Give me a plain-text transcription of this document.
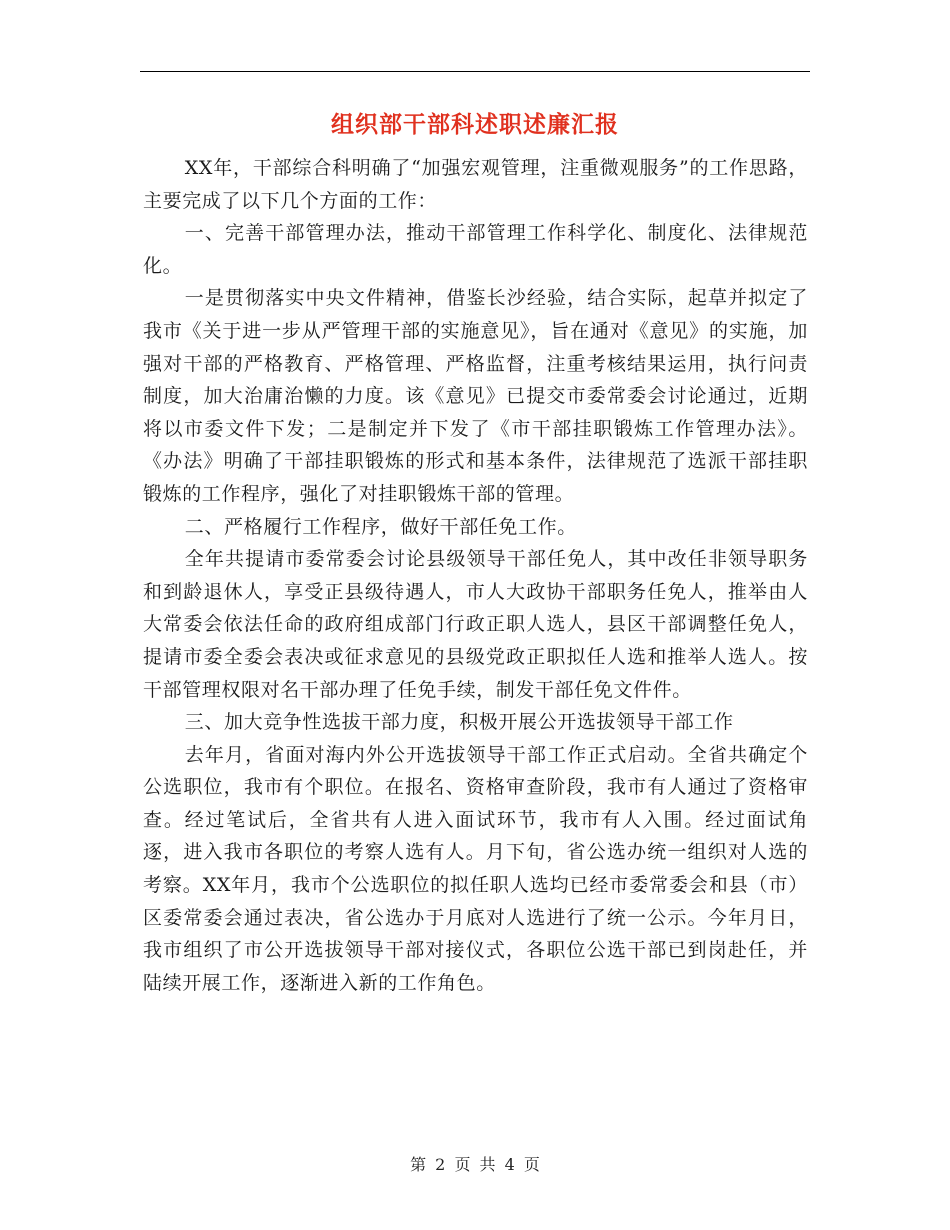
组织部干部科述职述廉汇报

XX年，干部综合科明确了“加强宏观管理，注重微观服务”的工作思路，主要完成了以下几个方面的工作：

一、完善干部管理办法，推动干部管理工作科学化、制度化、法律规范化。

一是贯彻落实中央文件精神，借鉴长沙经验，结合实际，起草并拟定了我市《关于进一步从严管理干部的实施意见》，旨在通对《意见》的实施，加强对干部的严格教育、严格管理、严格监督，注重考核结果运用，执行问责制度，加大治庸治懒的力度。该《意见》已提交市委常委会讨论通过，近期将以市委文件下发；二是制定并下发了《市干部挂职锻炼工作管理办法》。《办法》明确了干部挂职锻炼的形式和基本条件，法律规范了选派干部挂职锻炼的工作程序，强化了对挂职锻炼干部的管理。

二、严格履行工作程序，做好干部任免工作。

全年共提请市委常委会讨论县级领导干部任免人，其中改任非领导职务和到龄退休人，享受正县级待遇人，市人大政协干部职务任免人，推举由人大常委会依法任命的政府组成部门行政正职人选人，县区干部调整任免人，提请市委全委会表决或征求意见的县级党政正职拟任人选和推举人选人。按干部管理权限对名干部办理了任免手续，制发干部任免文件件。

三、加大竞争性选拔干部力度，积极开展公开选拔领导干部工作

去年月，省面对海内外公开选拔领导干部工作正式启动。全省共确定个公选职位，我市有个职位。在报名、资格审查阶段，我市有人通过了资格审查。经过笔试后，全省共有人进入面试环节，我市有人入围。经过面试角逐，进入我市各职位的考察人选有人。月下旬，省公选办统一组织对人选的考察。XX年月，我市个公选职位的拟任职人选均已经市委常委会和县（市）区委常委会通过表决，省公选办于月底对人选进行了统一公示。今年月日，我市组织了市公开选拔领导干部对接仪式，各职位公选干部已到岗赴任，并陆续开展工作，逐渐进入新的工作角色。

第 2 页 共 4 页
